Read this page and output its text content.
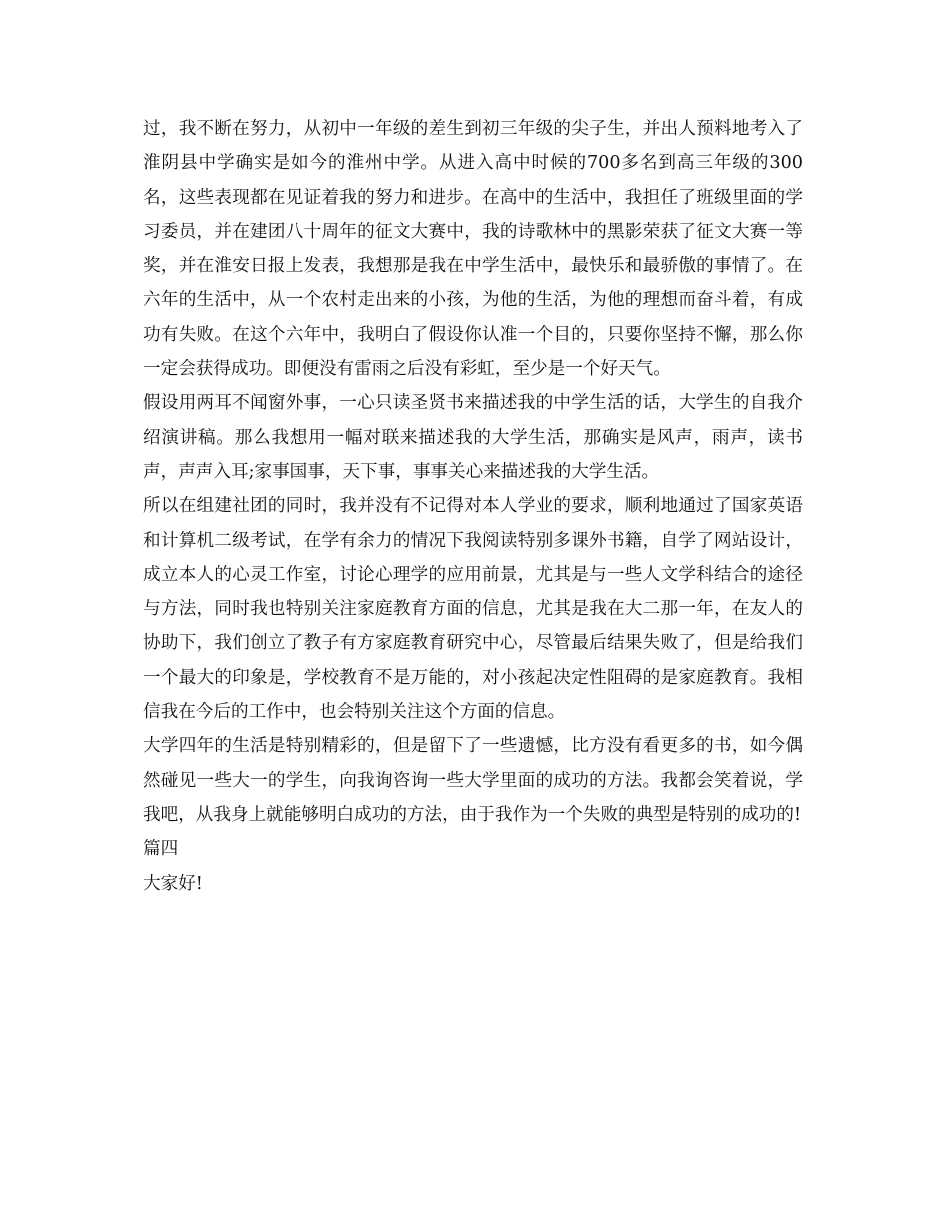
过，我不断在努力，从初中一年级的差生到初三年级的尖子生，并出人预料地考入了淮阴县中学确实是如今的淮州中学。从进入高中时候的700多名到高三年级的300名，这些表现都在见证着我的努力和进步。在高中的生活中，我担任了班级里面的学习委员，并在建团八十周年的征文大赛中，我的诗歌林中的黑影荣获了征文大赛一等奖，并在淮安日报上发表，我想那是我在中学生活中，最快乐和最骄傲的事情了。在六年的生活中，从一个农村走出来的小孩，为他的生活，为他的理想而奋斗着，有成功有失败。在这个六年中，我明白了假设你认准一个目的，只要你坚持不懈，那么你一定会获得成功。即便没有雷雨之后没有彩虹，至少是一个好天气。

假设用两耳不闻窗外事，一心只读圣贤书来描述我的中学生活的话，大学生的自我介绍演讲稿。那么我想用一幅对联来描述我的大学生活，那确实是风声，雨声，读书声，声声入耳;家事国事，天下事，事事关心来描述我的大学生活。

所以在组建社团的同时，我并没有不记得对本人学业的要求，顺利地通过了国家英语和计算机二级考试，在学有余力的情况下我阅读特别多课外书籍，自学了网站设计，成立本人的心灵工作室，讨论心理学的应用前景，尤其是与一些人文学科结合的途径与方法，同时我也特别关注家庭教育方面的信息，尤其是我在大二那一年，在友人的协助下，我们创立了教子有方家庭教育研究中心，尽管最后结果失败了，但是给我们一个最大的印象是，学校教育不是万能的，对小孩起决定性阻碍的是家庭教育。我相信我在今后的工作中，也会特别关注这个方面的信息。

大学四年的生活是特别精彩的，但是留下了一些遗憾，比方没有看更多的书，如今偶然碰见一些大一的学生，向我询咨询一些大学里面的成功的方法。我都会笑着说，学我吧，从我身上就能够明白成功的方法，由于我作为一个失败的典型是特别的成功的!

篇四

大家好!
